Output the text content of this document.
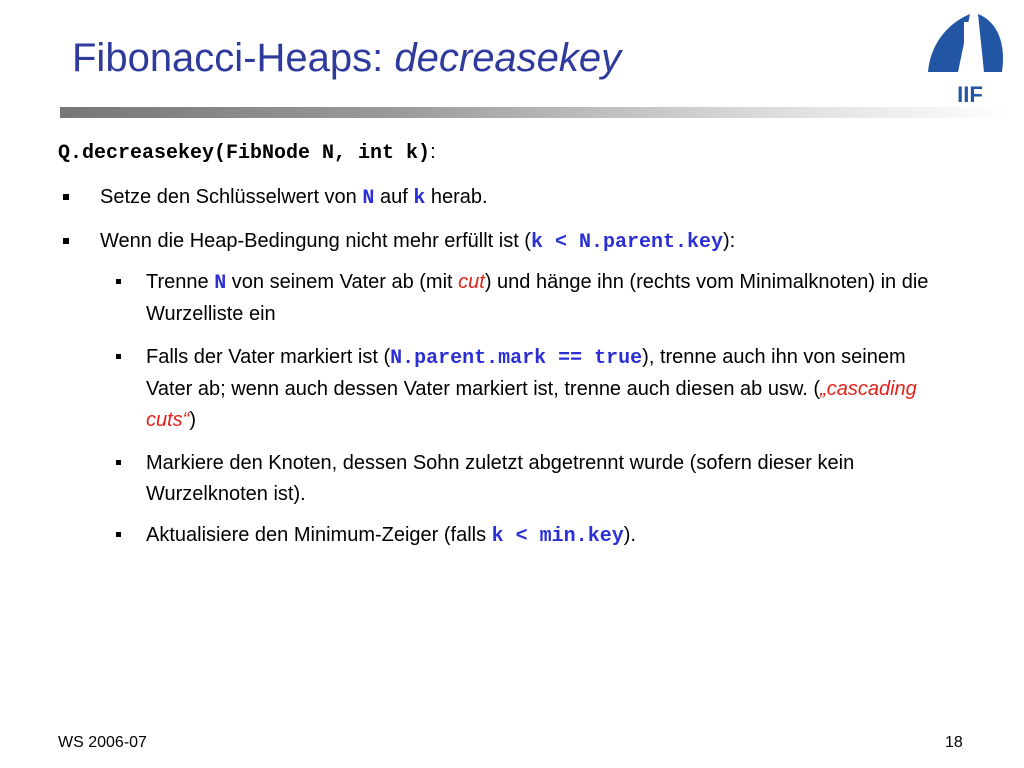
Fibonacci-Heaps: decreasekey
IIF
Q.decreasekey(FibNode N, int k):
Setze den Schlüsselwert von N auf k herab.
Wenn die Heap-Bedingung nicht mehr erfüllt ist (k < N.parent.key):
Trenne N von seinem Vater ab (mit cut) und hänge ihn (rechts vom Minimalknoten) in die Wurzelliste ein
Falls der Vater markiert ist (N.parent.mark == true), trenne auch ihn von seinem Vater ab; wenn auch dessen Vater markiert ist, trenne auch diesen ab usw. („cascading cuts“)
Markiere den Knoten, dessen Sohn zuletzt abgetrennt wurde (sofern dieser kein Wurzelknoten ist).
Aktualisiere den Minimum-Zeiger (falls k < min.key).
WS 2006-07	18
